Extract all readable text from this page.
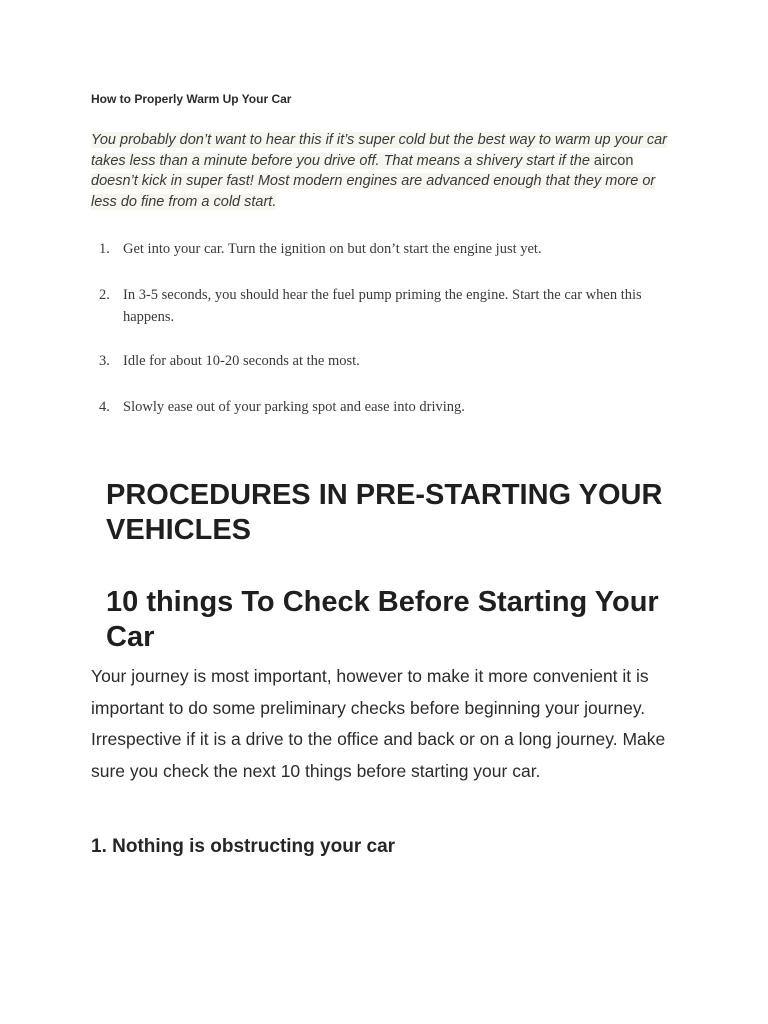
How to Properly Warm Up Your Car

You probably don’t want to hear this if it’s super cold but the best way to warm up your car takes less than a minute before you drive off. That means a shivery start if the aircon doesn’t kick in super fast! Most modern engines are advanced enough that they more or less do fine from a cold start.

1. Get into your car. Turn the ignition on but don’t start the engine just yet.
2. In 3-5 seconds, you should hear the fuel pump priming the engine. Start the car when this happens.
3. Idle for about 10-20 seconds at the most.
4. Slowly ease out of your parking spot and ease into driving.
PROCEDURES IN PRE-STARTING YOUR  VEHICLES
10 things To Check Before Starting Your Car

Your journey is most important, however to make it more convenient it is important to do some preliminary checks before beginning your journey. Irrespective if it is a drive to the office and back or on a long journey. Make sure you check the next 10 things before starting your car.

1. Nothing is obstructing your car
